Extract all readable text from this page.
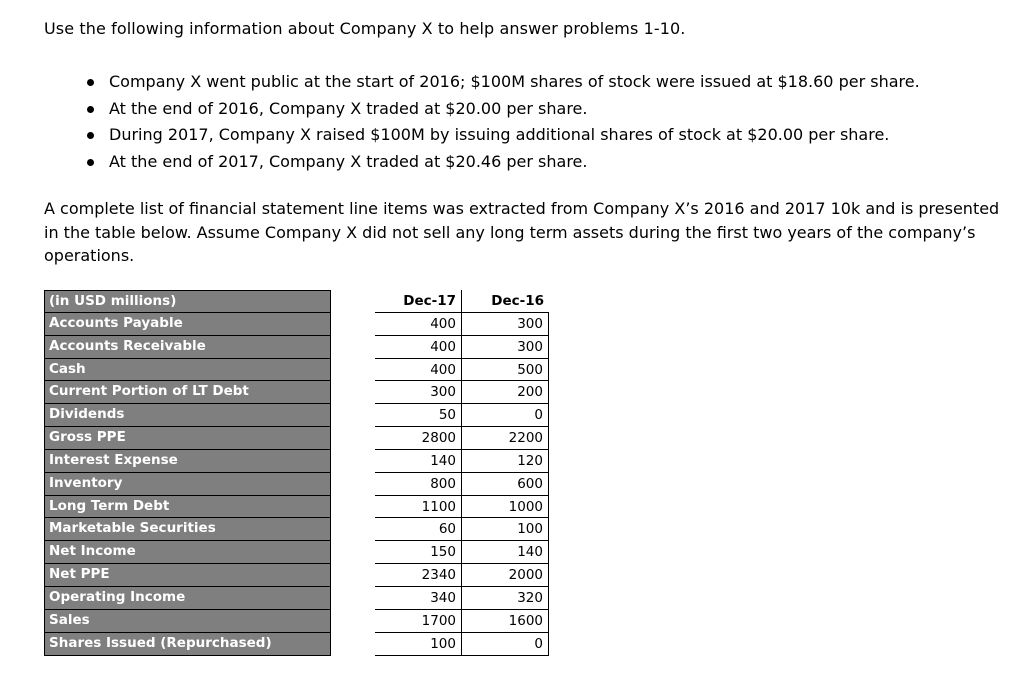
Use the following information about Company X to help answer problems 1-10.

Company X went public at the start of 2016; $100M shares of stock were issued at $18.60 per share.
At the end of 2016, Company X traded at $20.00 per share.
During 2017, Company X raised $100M by issuing additional shares of stock at $20.00 per share.
At the end of 2017, Company X traded at $20.46 per share.

A complete list of financial statement line items was extracted from Company X’s 2016 and 2017 10k and is presented in the table below. Assume Company X did not sell any long term assets during the first two years of the company’s operations.

(in USD millions)	Dec-17	Dec-16
Accounts Payable	400	300
Accounts Receivable	400	300
Cash	400	500
Current Portion of LT Debt	300	200
Dividends	50	0
Gross PPE	2800	2200
Interest Expense	140	120
Inventory	800	600
Long Term Debt	1100	1000
Marketable Securities	60	100
Net Income	150	140
Net PPE	2340	2000
Operating Income	340	320
Sales	1700	1600
Shares Issued (Repurchased)	100	0
